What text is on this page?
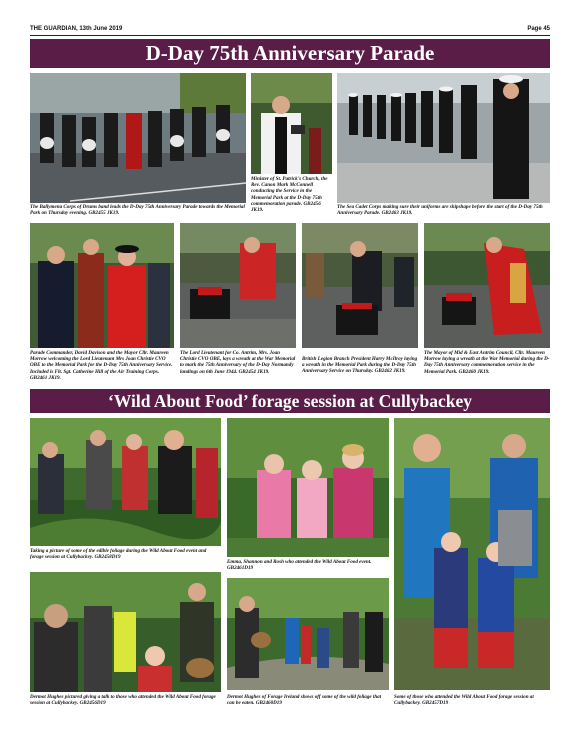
THE GUARDIAN, 13th June 2019	Page 45
D-Day 75th Anniversary Parade
The Ballymena Corps of Drums band leads the D-Day 75th Anniversary Parade towards the Memorial Park on Thursday evening. GB2455 JK19.
Minister of St. Patrick's Church, the Rev. Canon Mark McConnell conducting the Service in the Memorial Park at the D-Day 75th commemoration parade. GB2456 JK19.
The Sea Cadet Corps making sure their uniforms are shipshape before the start of the D-Day 75th Anniversary Parade. GB2463 JK19.
Parade Commander, David Davison and the Mayor Cllr. Maureen Morrow welcoming the Lord Lieutenant Mrs Joan Christie CVO OBE to the Memorial Park for the D-Day 75th Anniversary Service. Included is Flt. Sgt. Catherine Hill of the Air Training Corps. GB2461 JK19.
The Lord Lieutenant for Co. Antrim, Mrs. Joan Christie CVO OBE, lays a wreath at the War Memorial to mark the 75th Anniversary of the D-Day Normandy landings on 6th June 1944. GB2454 JK19.
British Legion Branch President Harry McIlroy laying a wreath in the Memorial Park during the D-Day 75th Anniversary Service on Thursday. GB2462 JK19.
The Mayor of Mid & East Antrim Council, Cllr. Maureen Morrow laying a wreath at the War Memorial during the D-Day 75th Anniversary commemoration service in the Memorial Park. GB2460 JK19.
‘Wild About Food’ forage session at Cullybackey
Taking a picture of some of the edible foliage during the Wild About Food event and forage session at Cullybackey. GB2458D19
Emma, Shannon and Rosh who attended the Wild About Food event. GB2461D19
Dermot Hughes pictured giving a talk to those who attended the Wild About Food forage session at Cullybackey. GB2456D19
Dermot Hughes of Forage Ireland shows off some of the wild foliage that can be eaten. GB2460D19
Some of those who attended the Wild About Food forage session at Cullybackey. GB2457D19
